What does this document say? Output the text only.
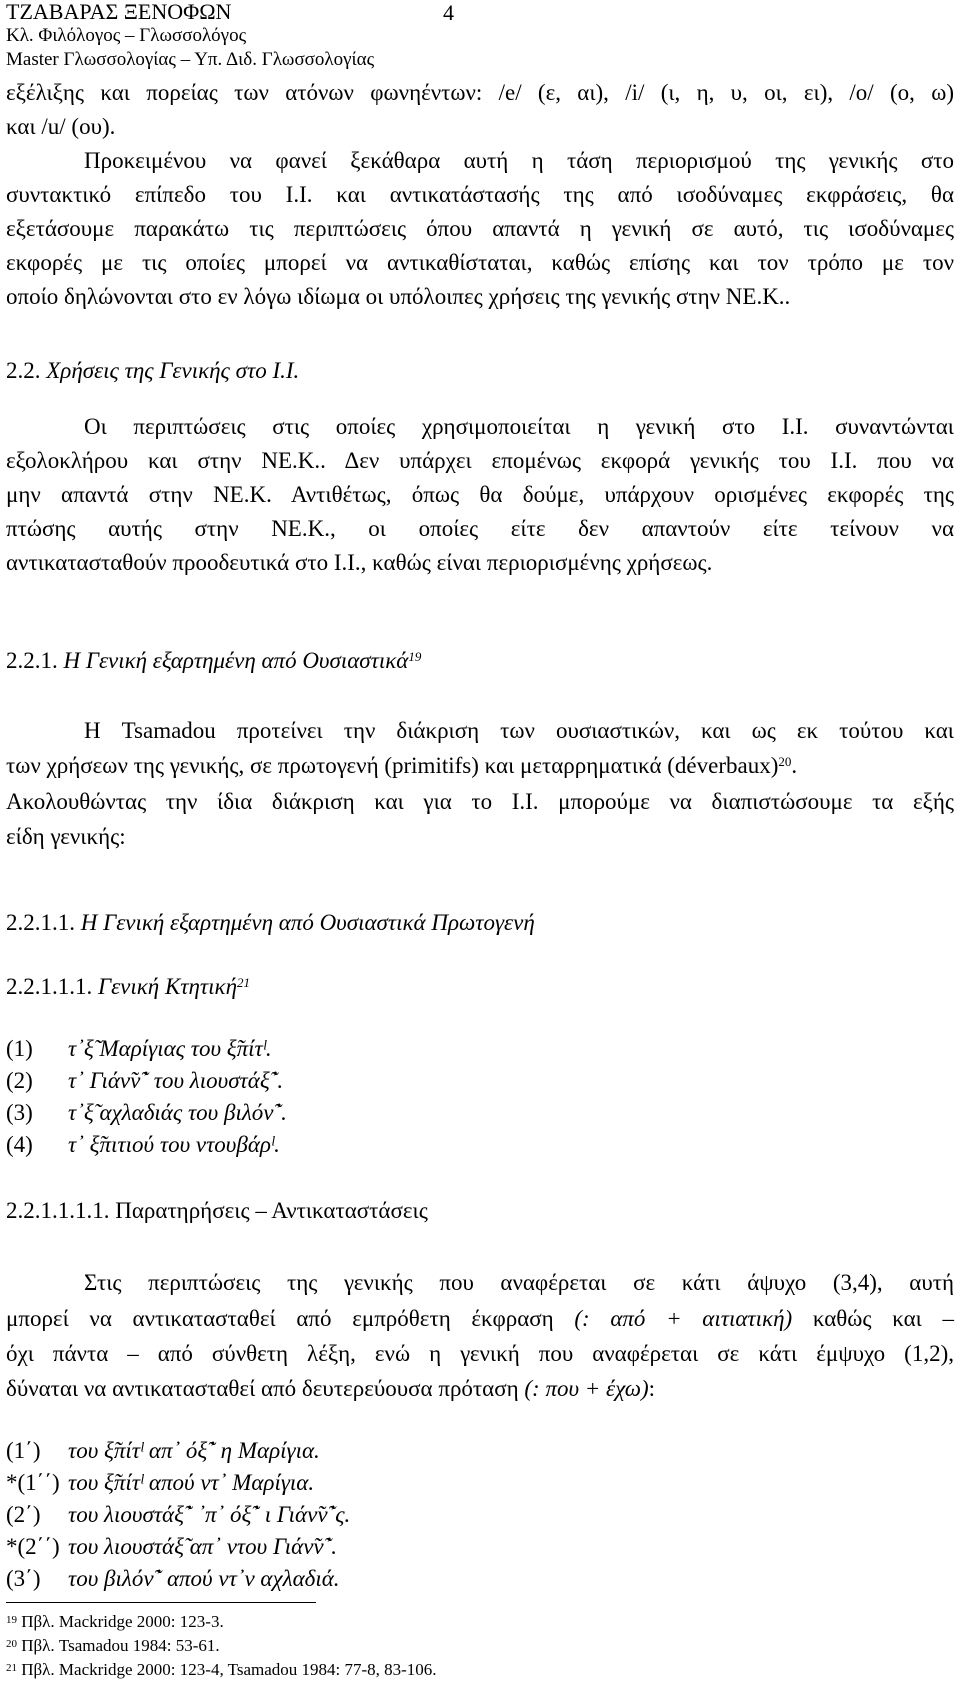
ΤΖΑΒΑΡΑΣ ΞΕΝΟΦΩΝ	4
Κλ. Φιλόλογος – Γλωσσολόγος
Master Γλωσσολογίας – Υπ. Διδ. Γλωσσολογίας
εξέλιξης και πορείας των ατόνων φωνηέντων: /e/ (ε, αι), /i/ (ι, η, υ, οι, ει), /o/ (ο, ω)
και /u/ (ου).
Προκειμένου να φανεί ξεκάθαρα αυτή η τάση περιορισμού της γενικής στο
συντακτικό επίπεδο του Ι.Ι. και αντικατάστασής της από ισοδύναμες εκφράσεις, θα
εξετάσουμε παρακάτω τις περιπτώσεις όπου απαντά η γενική σε αυτό, τις ισοδύναμες
εκφορές με τις οποίες μπορεί να αντικαθίσταται, καθώς επίσης και τον τρόπο με τον
οποίο δηλώνονται στο εν λόγω ιδίωμα οι υπόλοιπες χρήσεις της γενικής στην ΝΕ.Κ..
2.2. Χρήσεις της Γενικής στο Ι.Ι.
Οι περιπτώσεις στις οποίες χρησιμοποιείται η γενική στο Ι.Ι. συναντώνται
εξολοκλήρου και στην ΝΕ.Κ.. Δεν υπάρχει επομένως εκφορά γενικής του Ι.Ι. που να
μην απαντά στην ΝΕ.Κ. Αντιθέτως, όπως θα δούμε, υπάρχουν ορισμένες εκφορές της
πτώσης αυτής στην ΝΕ.Κ., οι οποίες είτε δεν απαντούν είτε τείνουν να
αντικατασταθούν προοδευτικά στο Ι.Ι., καθώς είναι περιορισμένης χρήσεως.
2.2.1. Η Γενική εξαρτημένη από Ουσιαστικά$^{19}$
Η Tsamadou προτείνει την διάκριση των ουσιαστικών, και ως εκ τούτου και
των χρήσεων της γενικής, σε πρωτογενή (primitifs) και μεταρρηματικά (déverbaux)$^{20}$.
Ακολουθώντας την ίδια διάκριση και για το Ι.Ι. μπορούμε να διαπιστώσουμε τα εξής
είδη γενικής:
2.2.1.1. Η Γενική εξαρτημένη από Ουσιαστικά Πρωτογενή
2.2.1.1.1. Γενική Κτητική$^{21}$
(1) τ᾽ξ̃ Μαρίγιας του ξ̃πίτˡ.
(2) τ᾽ Γιάν̃ν̃᾽ του λιουστάξ̃᾽.
(3) τ᾽ξ̃ αχλαδιάς του βιλόν̃᾽.
(4) τ᾽ ξ̃πιτιού του ντουβάρˡ.
2.2.1.1.1.1. Παρατηρήσεις – Αντικαταστάσεις
Στις περιπτώσεις της γενικής που αναφέρεται σε κάτι άψυχο (3,4), αυτή
μπορεί να αντικατασταθεί από εμπρόθετη έκφραση (: από + αιτιατική) καθώς και –
όχι πάντα – από σύνθετη λέξη, ενώ η γενική που αναφέρεται σε κάτι έμψυχο (1,2),
δύναται να αντικατασταθεί από δευτερεύουσα πρόταση (: που + έχω):
(1΄) του ξ̃πίτˡ απ᾽ όξ̃᾽ η Μαρίγια.
*(1΄΄) του ξ̃πίτˡ απού ντ᾽ Μαρίγια.
(2΄) του λιουστάξ̃᾽ ᾽π᾽ όξ̃᾽ ι Γιάν̃ν̃᾽ς.
*(2΄΄) του λιουστάξ̃ απ᾽ ντου Γιάν̃ν̃᾽.
(3΄) του βιλόν̃᾽ απού ντ᾽ν αχλαδιά.
$^{19}$ Πβλ. Mackridge 2000: 123-3.
$^{20}$ Πβλ. Tsamadou 1984: 53-61.
$^{21}$ Πβλ. Mackridge 2000: 123-4, Tsamadou 1984: 77-8, 83-106.
